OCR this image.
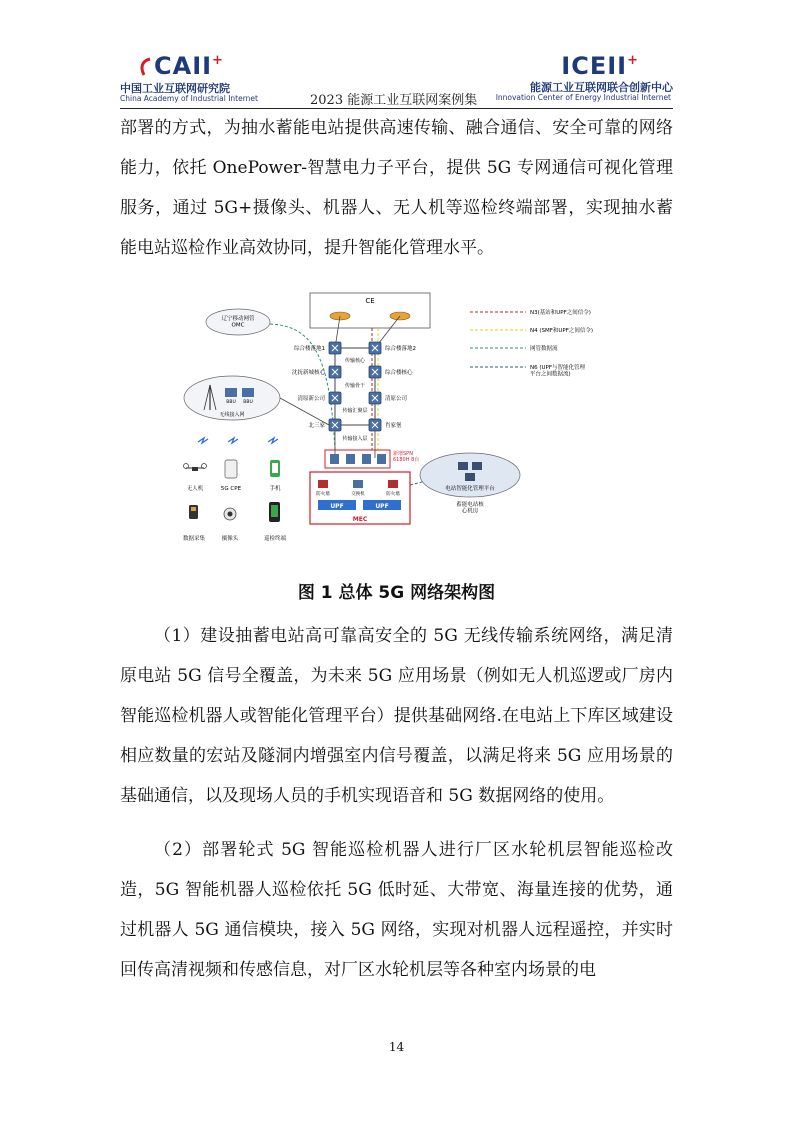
CAII+
中国工业互联网研究院
China Academy of Industrial Internet	2023 能源工业互联网案例集
ICEII+
能源工业互联网联合创新中心
Innovation Center of Energy Industrial Internet

部署的方式，为抽水蓄能电站提供高速传输、融合通信、安全可靠的网络能力，依托 OnePower-智慧电力子平台，提供 5G 专网通信可视化管理服务，通过 5G+摄像头、机器人、无人机等巡检终端部署，实现抽水蓄能电站巡检作业高效协同，提升智能化管理水平。

CE
辽宁移动网管 OMC
综合楼落地1
沈抚新城核心
清原新公司
北三家
综合楼落地2
综合楼核心
清原公司
肖家堡
传输核心
传输骨干
传输汇聚层
传输接入层
BBU BBU
无线接入网
新增SPN 6180H 8台
防火墙	交换机	防火墙
UPF	UPF
MEC
电站智能化管理平台
蓄能电站核心机房
无人机	5G CPE	手机
数据采集	摄像头	巡检终端
N3(基站和UPF之间信令)
N4 (SMF和UPF之间信令)
网管数据流
N6 (UPF与智能化管理平台之间数据流)
图 1 总体 5G 网络架构图

（1）建设抽蓄电站高可靠高安全的 5G 无线传输系统网络，满足清原电站 5G 信号全覆盖，为未来 5G 应用场景（例如无人机巡逻或厂房内智能巡检机器人或智能化管理平台）提供基础网络.在电站上下库区域建设相应数量的宏站及隧洞内增强室内信号覆盖，以满足将来 5G 应用场景的基础通信，以及现场人员的手机实现语音和 5G 数据网络的使用。

（2）部署轮式 5G 智能巡检机器人进行厂区水轮机层智能巡检改造，5G 智能机器人巡检依托 5G 低时延、大带宽、海量连接的优势，通过机器人 5G 通信模块，接入 5G 网络，实现对机器人远程遥控，并实时回传高清视频和传感信息，对厂区水轮机层等各种室内场景的电

14
